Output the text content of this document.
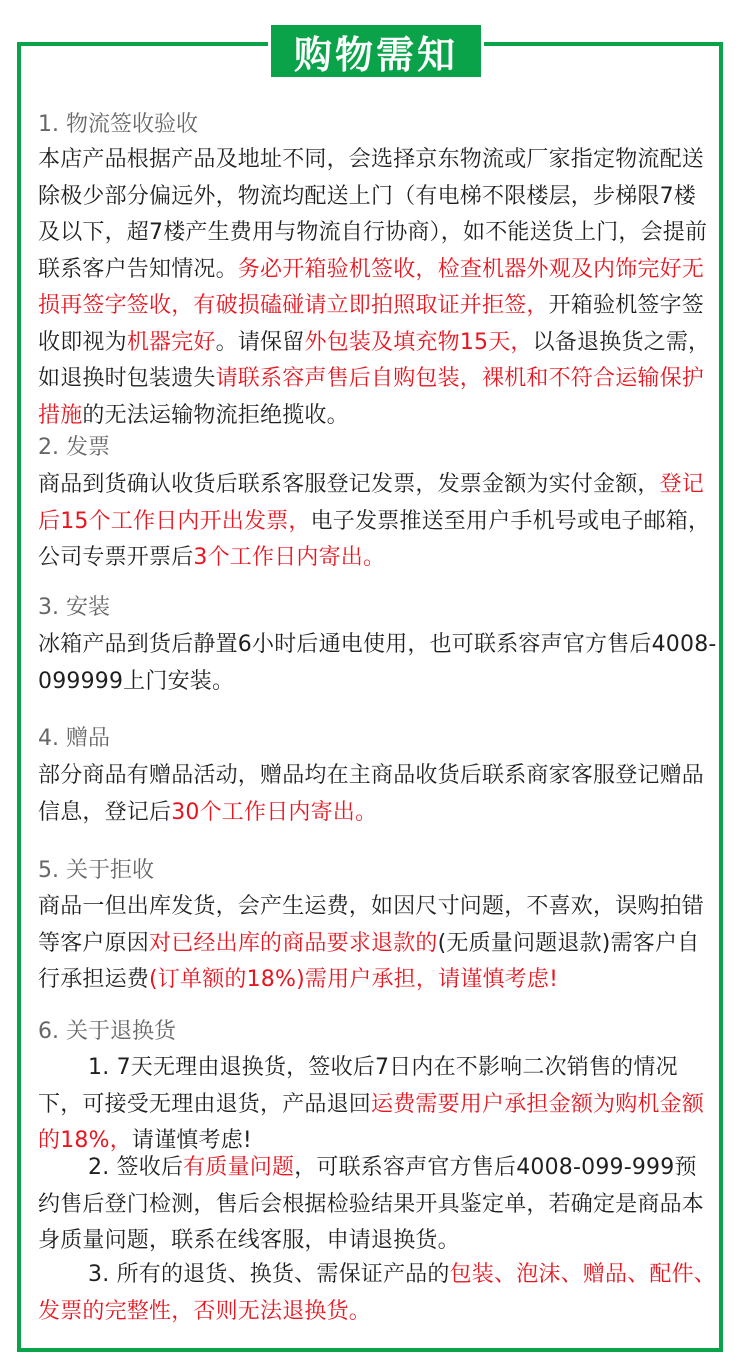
购物需知
1. 物流签收验收
本店产品根据产品及地址不同，会选择京东物流或厂家指定物流配送除极少部分偏远外，物流均配送上门（有电梯不限楼层，步梯限7楼及以下，超7楼产生费用与物流自行协商），如不能送货上门，会提前联系客户告知情况。务必开箱验机签收，检查机器外观及内饰完好无损再签字签收，有破损磕碰请立即拍照取证并拒签，开箱验机签字签收即视为机器完好。请保留外包装及填充物15天，以备退换货之需，如退换时包装遗失请联系容声售后自购包装，裸机和不符合运输保护措施的无法运输物流拒绝揽收。
2. 发票
商品到货确认收货后联系客服登记发票，发票金额为实付金额，登记后15个工作日内开出发票，电子发票推送至用户手机号或电子邮箱，公司专票开票后3个工作日内寄出。
3. 安装
冰箱产品到货后静置6小时后通电使用，也可联系容声官方售后4008-099999上门安装。
4. 赠品
部分商品有赠品活动，赠品均在主商品收货后联系商家客服登记赠品信息，登记后30个工作日内寄出。
5. 关于拒收
商品一但出库发货，会产生运费，如因尺寸问题，不喜欢，误购拍错等客户原因对已经出库的商品要求退款的(无质量问题退款)需客户自行承担运费(订单额的18%)需用户承担，请谨慎考虑!
6. 关于退换货
1. 7天无理由退换货，签收后7日内在不影响二次销售的情况下，可接受无理由退货，产品退回运费需要用户承担金额为购机金额的18%，请谨慎考虑!
2. 签收后有质量问题，可联系容声官方售后4008-099-999预约售后登门检测，售后会根据检验结果开具鉴定单，若确定是商品本身质量问题，联系在线客服，申请退换货。
3. 所有的退货、换货、需保证产品的包装、泡沫、赠品、配件、发票的完整性，否则无法退换货。
